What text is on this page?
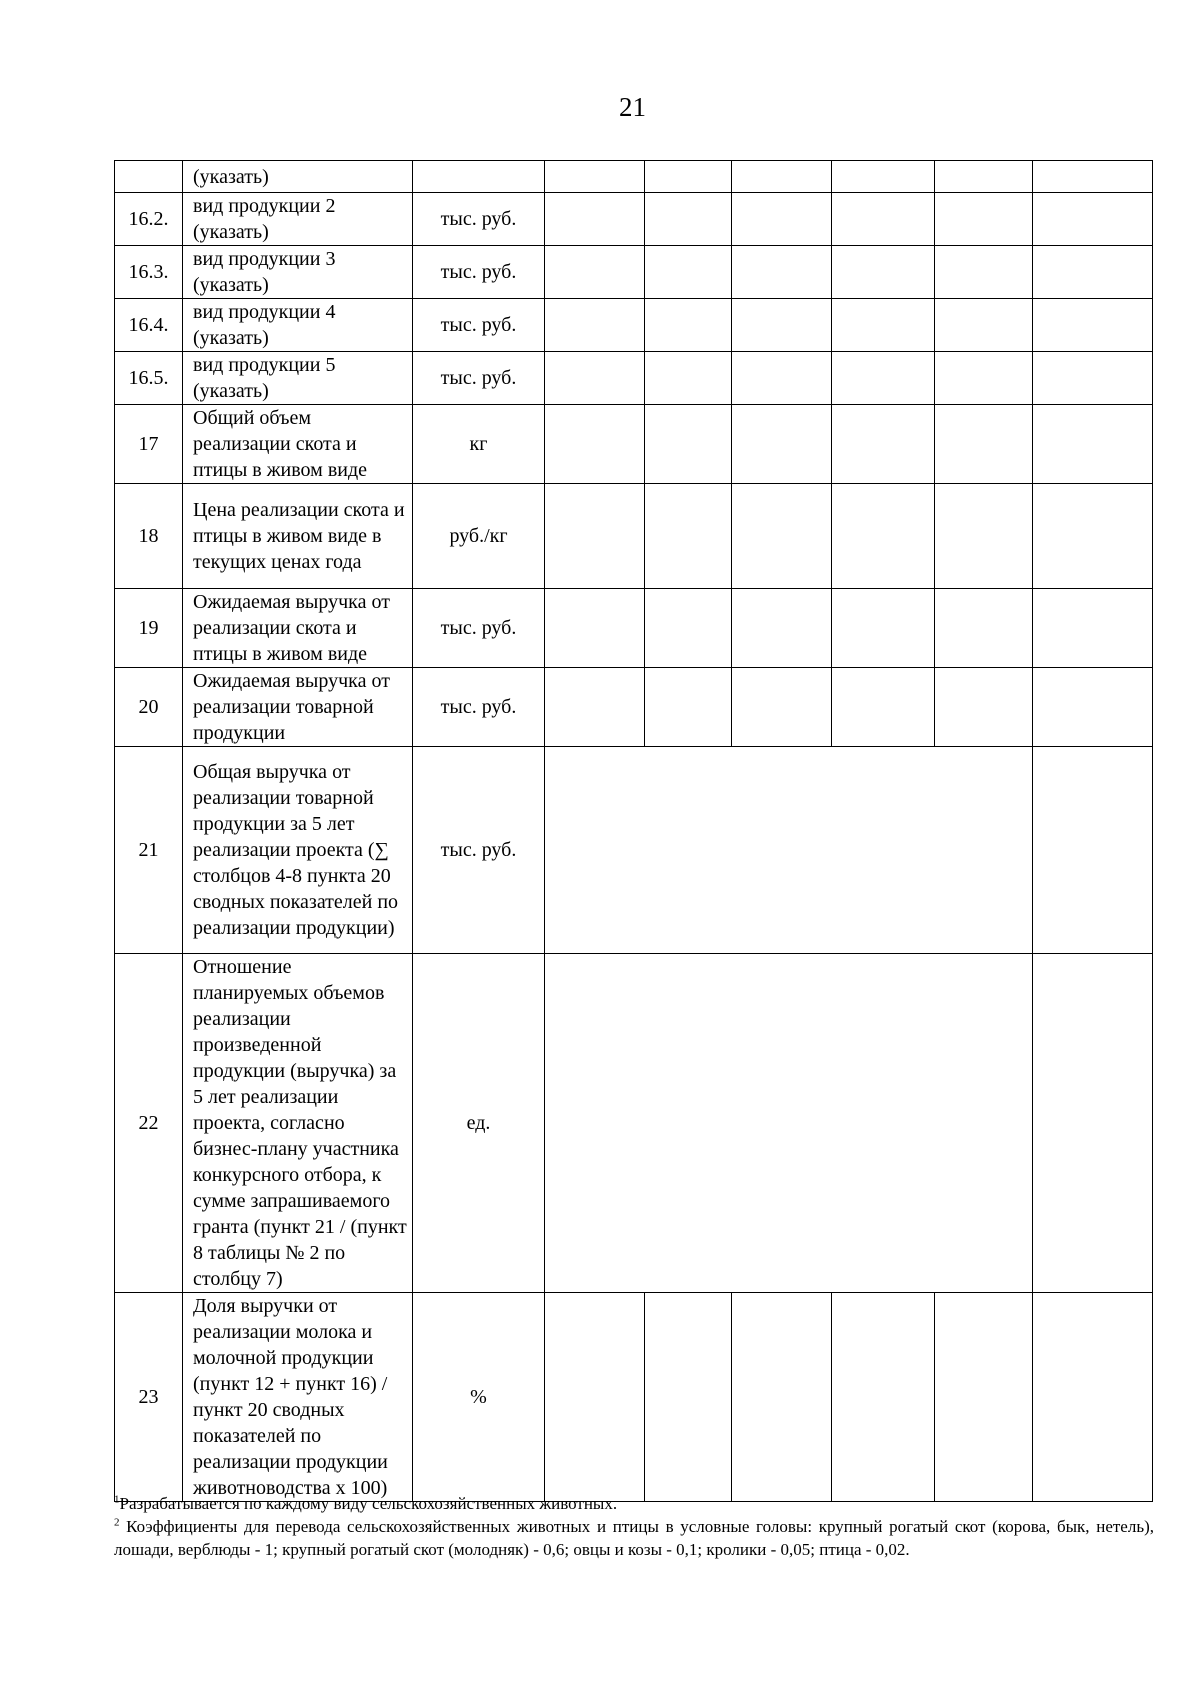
21
	(указать)							
16.2.	вид продукции 2 (указать)	тыс. руб.						
16.3.	вид продукции 3 (указать)	тыс. руб.						
16.4.	вид продукции 4 (указать)	тыс. руб.						
16.5.	вид продукции 5 (указать)	тыс. руб.						
17	Общий объем реализации скота и птицы в живом виде	кг						
18	Цена реализации скота и птицы в живом виде в текущих ценах года	руб./кг						
19	Ожидаемая выручка от реализации скота и птицы в живом виде	тыс. руб.						
20	Ожидаемая выручка от реализации товарной продукции	тыс. руб.						
21	Общая выручка от реализации товарной продукции за 5 лет реализации проекта (∑ столбцов 4-8 пункта 20 сводных показателей по реализации продукции)	тыс. руб.						
22	Отношение планируемых объемов реализации произведенной продукции (выручка) за 5 лет реализации проекта, согласно бизнес-плану участника конкурсного отбора, к сумме запрашиваемого гранта (пункт 21 / (пункт 8 таблицы № 2 по столбцу 7)	ед.						
23	Доля выручки от реализации молока и молочной продукции (пункт 12 + пункт 16) / пункт 20 сводных показателей по реализации продукции животноводства х 100)	%						

$^1$Разрабатывается по каждому виду сельскохозяйственных животных.

$^2$ Коэффициенты для перевода сельскохозяйственных животных и птицы в условные головы: крупный рогатый скот (корова, бык, нетель), лошади, верблюды - 1; крупный рогатый скот (молодняк) - 0,6; овцы и козы - 0,1; кролики - 0,05; птица - 0,02.
